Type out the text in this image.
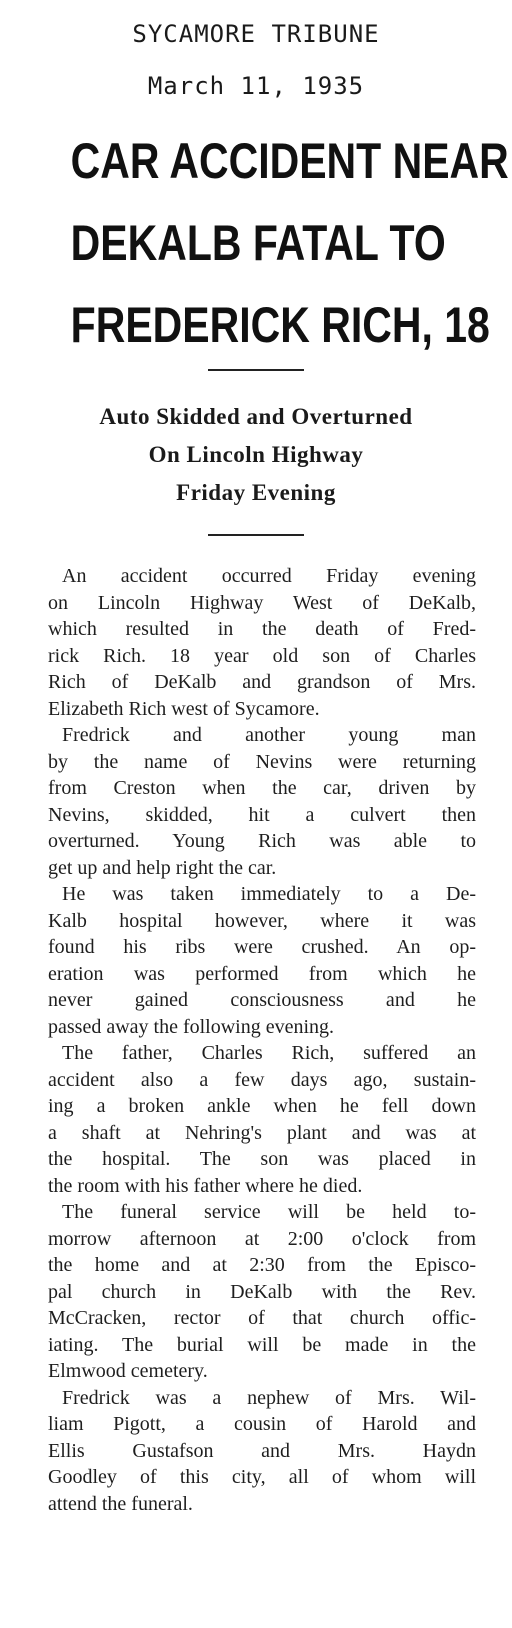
SYCAMORE TRIBUNE
March 11, 1935
CAR ACCIDENT NEAR
DEKALB FATAL TO
FREDERICK RICH, 18
Auto Skidded and Overturned
On Lincoln Highway
Friday Evening

An accident occurred Friday evening
on Lincoln Highway West of DeKalb,
which resulted in the death of Fred-
rick Rich. 18 year old son of Charles
Rich of DeKalb and grandson of Mrs.
Elizabeth Rich west of Sycamore.

Fredrick and another young man
by the name of Nevins were returning
from Creston when the car, driven by
Nevins, skidded, hit a culvert then
overturned. Young Rich was able to
get up and help right the car.

He was taken immediately to a De-
Kalb hospital however, where it was
found his ribs were crushed. An op-
eration was performed from which he
never gained consciousness and he
passed away the following evening.

The father, Charles Rich, suffered an
accident also a few days ago, sustain-
ing a broken ankle when he fell down
a shaft at Nehring's plant and was at
the hospital. The son was placed in
the room with his father where he died.

The funeral service will be held to-
morrow afternoon at 2:00 o'clock from
the home and at 2:30 from the Episco-
pal church in DeKalb with the Rev.
McCracken, rector of that church offic-
iating. The burial will be made in the
Elmwood cemetery.

Fredrick was a nephew of Mrs. Wil-
liam Pigott, a cousin of Harold and
Ellis Gustafson and Mrs. Haydn
Goodley of this city, all of whom will
attend the funeral.
